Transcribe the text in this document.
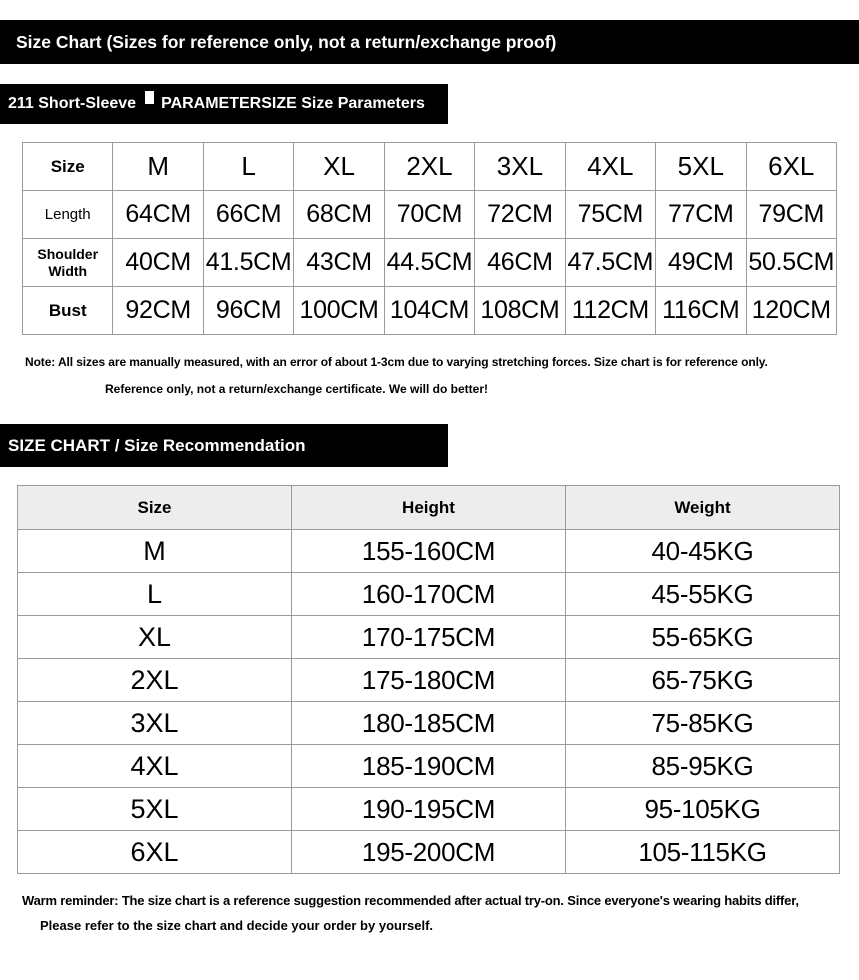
Size Chart (Sizes for reference only, not a return/exchange proof)
211 Short-Sleeve PARAMETERSIZE Size Parameters
Size	M	L	XL	2XL	3XL	4XL	5XL	6XL
Length	64CM	66CM	68CM	70CM	72CM	75CM	77CM	79CM
Shoulder Width	40CM	41.5CM	43CM	44.5CM	46CM	47.5CM	49CM	50.5CM
Bust	92CM	96CM	100CM	104CM	108CM	112CM	116CM	120CM
Note: All sizes are manually measured, with an error of about 1-3cm due to varying stretching forces. Size chart is for reference only.
Reference only, not a return/exchange certificate. We will do better!
SIZE CHART / Size Recommendation
Size	Height	Weight
M	155-160CM	40-45KG
L	160-170CM	45-55KG
XL	170-175CM	55-65KG
2XL	175-180CM	65-75KG
3XL	180-185CM	75-85KG
4XL	185-190CM	85-95KG
5XL	190-195CM	95-105KG
6XL	195-200CM	105-115KG
Warm reminder: The size chart is a reference suggestion recommended after actual try-on. Since everyone's wearing habits differ,
Please refer to the size chart and decide your order by yourself.
